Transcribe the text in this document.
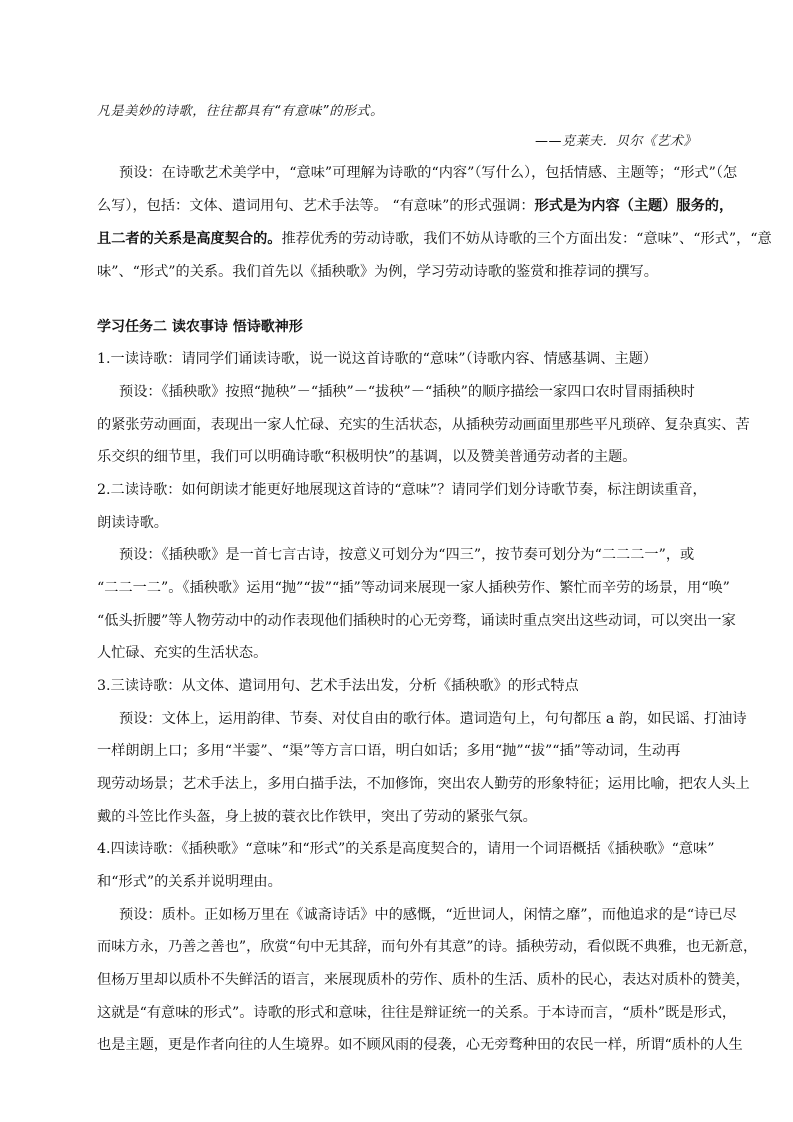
凡是美妙的诗歌，往往都具有“有意味”的形式。
——克莱夫．贝尔《艺术》
预设：在诗歌艺术美学中，“意味”可理解为诗歌的“内容”（写什么），包括情感、主题等；“形式”（怎
么写），包括：文体、遣词用句、艺术手法等。 “有意味”的形式强调：形式是为内容（主题）服务的，
且二者的关系是高度契合的。推荐优秀的劳动诗歌，我们不妨从诗歌的三个方面出发：“意味”、“形式”，“意
味”、“形式”的关系。我们首先以《插秧歌》为例，学习劳动诗歌的鉴赏和推荐词的撰写。
学习任务二 读农事诗 悟诗歌神形
1.一读诗歌：请同学们诵读诗歌，说一说这首诗歌的“意味”（诗歌内容、情感基调、主题）
预设：《插秧歌》按照“抛秧”－“插秧”－“拔秧”－“插秧”的顺序描绘一家四口农时冒雨插秧时
的紧张劳动画面，表现出一家人忙碌、充实的生活状态，从插秧劳动画面里那些平凡琐碎、复杂真实、苦
乐交织的细节里，我们可以明确诗歌“积极明快”的基调，以及赞美普通劳动者的主题。
2.二读诗歌：如何朗读才能更好地展现这首诗的“意味”？请同学们划分诗歌节奏，标注朗读重音，
朗读诗歌。
预设：《插秧歌》是一首七言古诗，按意义可划分为“四三”，按节奏可划分为“二二二一”，或
“二二一二”。《插秧歌》运用“抛”“拔”“插”等动词来展现一家人插秧劳作、繁忙而辛劳的场景，用“唤”
“低头折腰”等人物劳动中的动作表现他们插秧时的心无旁骛，诵读时重点突出这些动词，可以突出一家
人忙碌、充实的生活状态。
3.三读诗歌：从文体、遣词用句、艺术手法出发，分析《插秧歌》的形式特点
预设：文体上，运用韵律、节奏、对仗自由的歌行体。遣词造句上，句句都压 a 韵，如民谣、打油诗
一样朗朗上口；多用“半霎”、“渠”等方言口语，明白如话；多用“抛”“拔”“插”等动词，生动再
现劳动场景；艺术手法上，多用白描手法，不加修饰，突出农人勤劳的形象特征；运用比喻，把农人头上
戴的斗笠比作头盔，身上披的蓑衣比作铁甲，突出了劳动的紧张气氛。
4.四读诗歌：《插秧歌》“意味”和“形式”的关系是高度契合的，请用一个词语概括《插秧歌》“意味”
和“形式”的关系并说明理由。
预设：质朴。正如杨万里在《诚斋诗话》中的感慨，“近世词人，闲情之靡”，而他追求的是“诗已尽
而味方永，乃善之善也”，欣赏“句中无其辞，而句外有其意”的诗。插秧劳动，看似既不典雅，也无新意，
但杨万里却以质朴不失鲜活的语言，来展现质朴的劳作、质朴的生活、质朴的民心，表达对质朴的赞美，
这就是“有意味的形式”。诗歌的形式和意味，往往是辩证统一的关系。于本诗而言，“质朴”既是形式，
也是主题，更是作者向往的人生境界。如不顾风雨的侵袭，心无旁骛种田的农民一样，所谓“质朴的人生
